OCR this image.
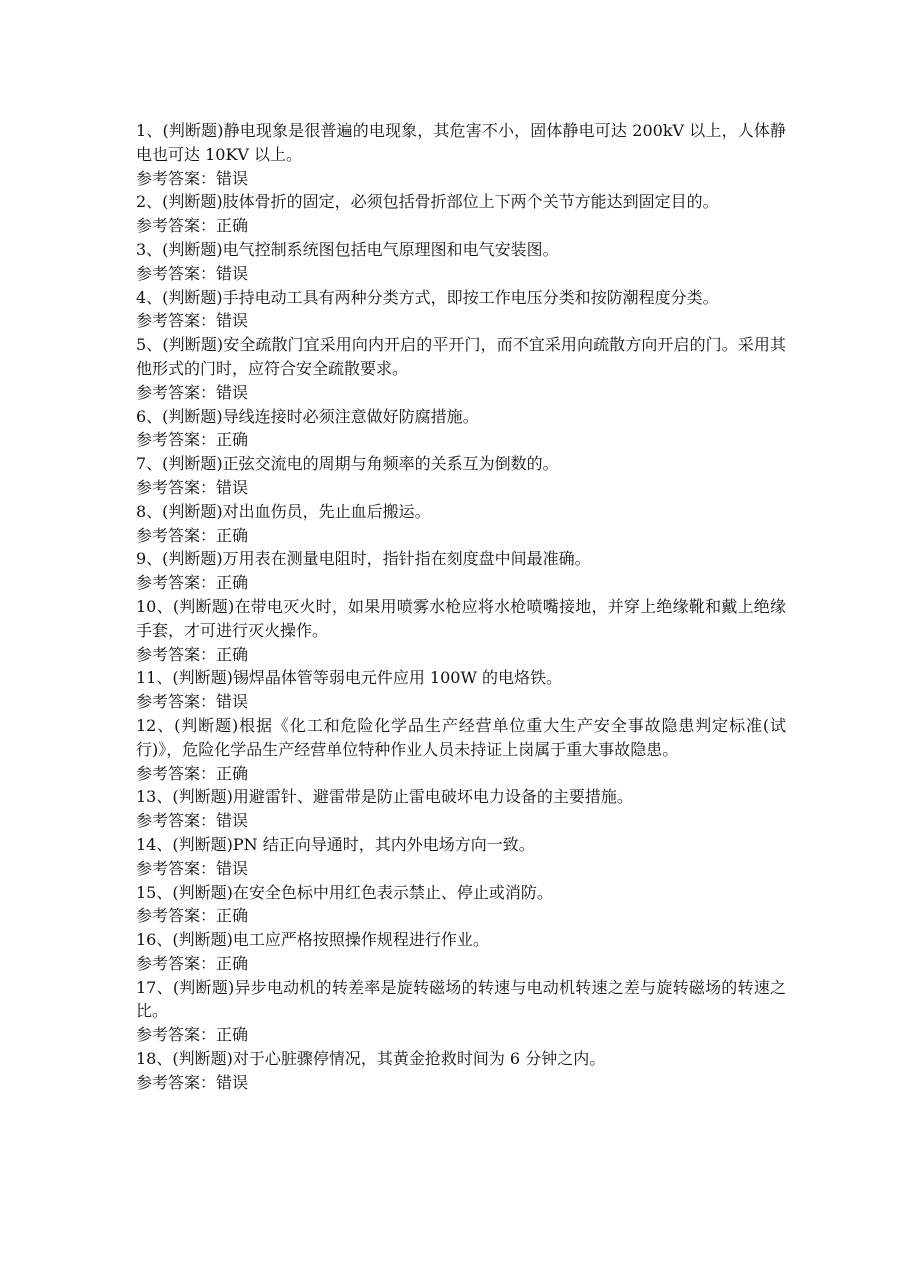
1、(判断题)静电现象是很普遍的电现象，其危害不小，固体静电可达 200kV 以上，人体静电也可达 10KV 以上。

参考答案：错误

2、(判断题)肢体骨折的固定，必须包括骨折部位上下两个关节方能达到固定目的。

参考答案：正确

3、(判断题)电气控制系统图包括电气原理图和电气安装图。

参考答案：错误

4、(判断题)手持电动工具有两种分类方式，即按工作电压分类和按防潮程度分类。

参考答案：错误

5、(判断题)安全疏散门宜采用向内开启的平开门，而不宜采用向疏散方向开启的门。采用其他形式的门时，应符合安全疏散要求。

参考答案：错误

6、(判断题)导线连接时必须注意做好防腐措施。

参考答案：正确

7、(判断题)正弦交流电的周期与角频率的关系互为倒数的。

参考答案：错误

8、(判断题)对出血伤员，先止血后搬运。

参考答案：正确

9、(判断题)万用表在测量电阻时，指针指在刻度盘中间最准确。

参考答案：正确

10、(判断题)在带电灭火时，如果用喷雾水枪应将水枪喷嘴接地，并穿上绝缘靴和戴上绝缘手套，才可进行灭火操作。

参考答案：正确

11、(判断题)锡焊晶体管等弱电元件应用 100W 的电烙铁。

参考答案：错误

12、(判断题)根据《化工和危险化学品生产经营单位重大生产安全事故隐患判定标准(试行)》，危险化学品生产经营单位特种作业人员未持证上岗属于重大事故隐患。

参考答案：正确

13、(判断题)用避雷针、避雷带是防止雷电破坏电力设备的主要措施。

参考答案：错误

14、(判断题)PN 结正向导通时，其内外电场方向一致。

参考答案：错误

15、(判断题)在安全色标中用红色表示禁止、停止或消防。

参考答案：正确

16、(判断题)电工应严格按照操作规程进行作业。

参考答案：正确

17、(判断题)异步电动机的转差率是旋转磁场的转速与电动机转速之差与旋转磁场的转速之比。

参考答案：正确

18、(判断题)对于心脏骤停情况，其黄金抢救时间为 6 分钟之内。

参考答案：错误
